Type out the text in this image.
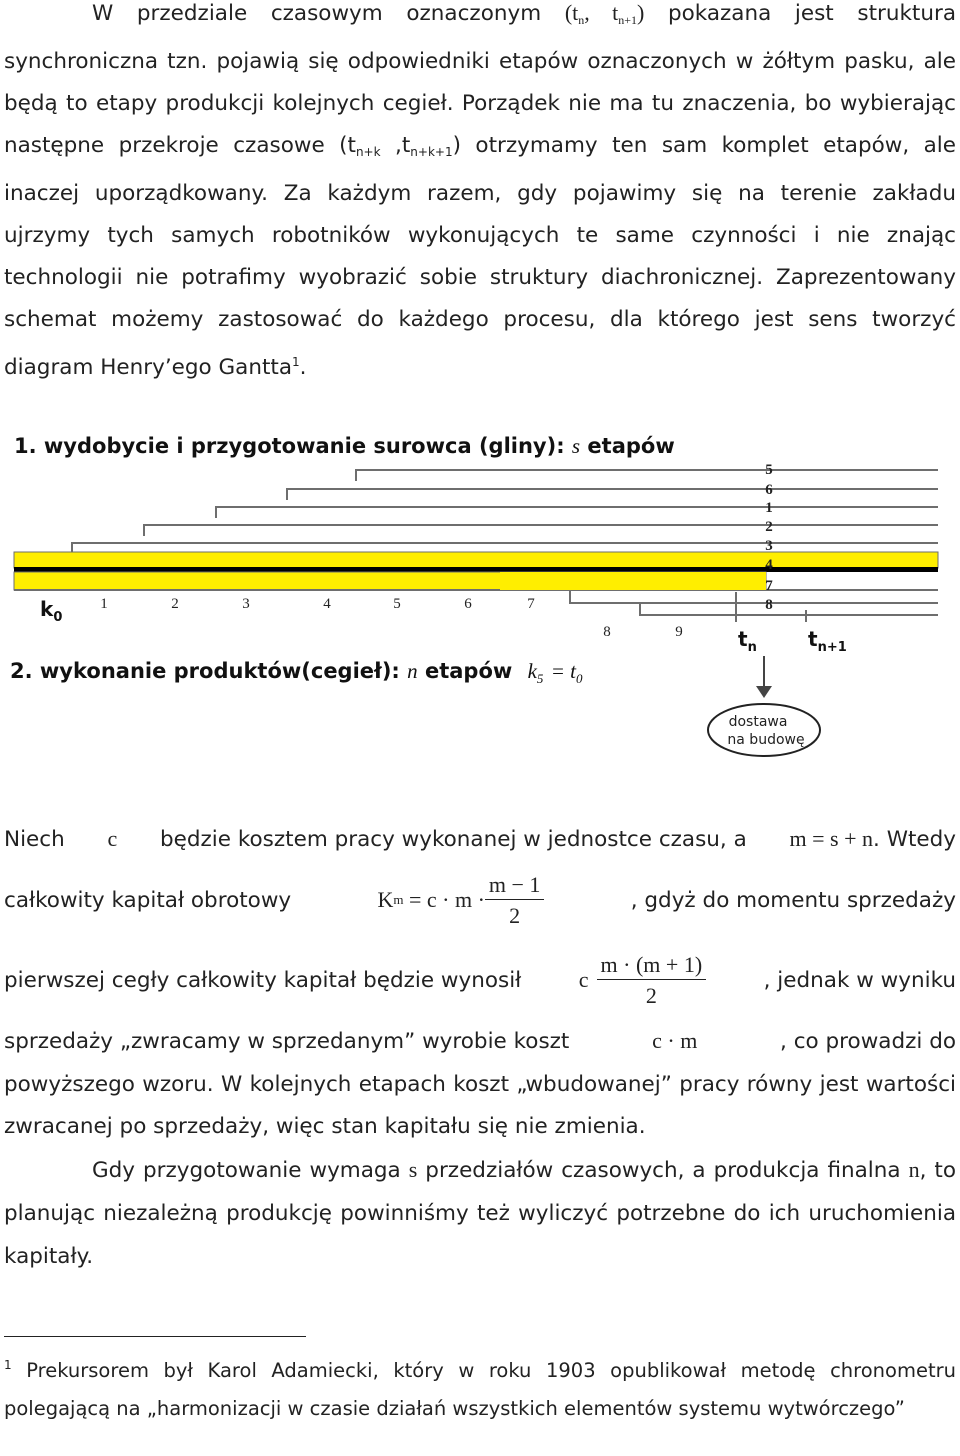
W przedziale czasowym oznaczonym ($t_n$, $t_{n+1}$) pokazana jest struktura synchroniczna tzn. pojawią się odpowiedniki etapów oznaczonych w żółtym pasku, ale będą to etapy produkcji kolejnych cegieł. Porządek nie ma tu znaczenia, bo wybierając następne przekroje czasowe ($t_{n+k}$ $,t_{n+k+1}$) otrzymamy ten sam komplet etapów, ale inaczej uporządkowany. Za każdym razem, gdy pojawimy się na terenie zakładu ujrzymy tych samych robotników wykonujących te same czynności i nie znając technologii nie potrafimy wyobrazić sobie struktury diachronicznej. Zaprezentowany schemat możemy zastosować do każdego procesu, dla którego jest sens tworzyć diagram Henry’ego Gantta$^1$.
1. wydobycie i przygotowanie surowca (gliny): s etapów
5
6
1
2
3
4
7
8
$k_0$
1	2	3	4	5	6	7
8	9	$t_n$	$t_{n+1}$
2. wykonanie produktów(cegieł): n etapów $k_5 = t_0$
dostawa
na budowę
Niech c będzie kosztem pracy wykonanej w jednostce czasu, a m = s + n. Wtedy
całkowity kapitał obrotowy	K $m = c \cdot m \cdot \frac{m - 1}{2}$	, gdyż do momentu sprzedaży
pierwszej cegły całkowity kapitał będzie wynosił	c $\frac{m \cdot (m + 1)}{2}$	, jednak w wyniku
sprzedaży „zwracamy w sprzedanym” wyrobie koszt	c · m	, co prowadzi do
powyższego wzoru. W kolejnych etapach koszt „wbudowanej” pracy równy jest wartości zwracanej po sprzedaży, więc stan kapitału się nie zmienia.
Gdy przygotowanie wymaga s przedziałów czasowych, a produkcja finalna n, to planując niezależną produkcję powinniśmy też wyliczyć potrzebne do ich uruchomienia kapitały.
$^1$ Prekursorem był Karol Adamiecki, który w roku 1903 opublikował metodę chronometru polegającą na „harmonizacji w czasie działań wszystkich elementów systemu wytwórczego”
